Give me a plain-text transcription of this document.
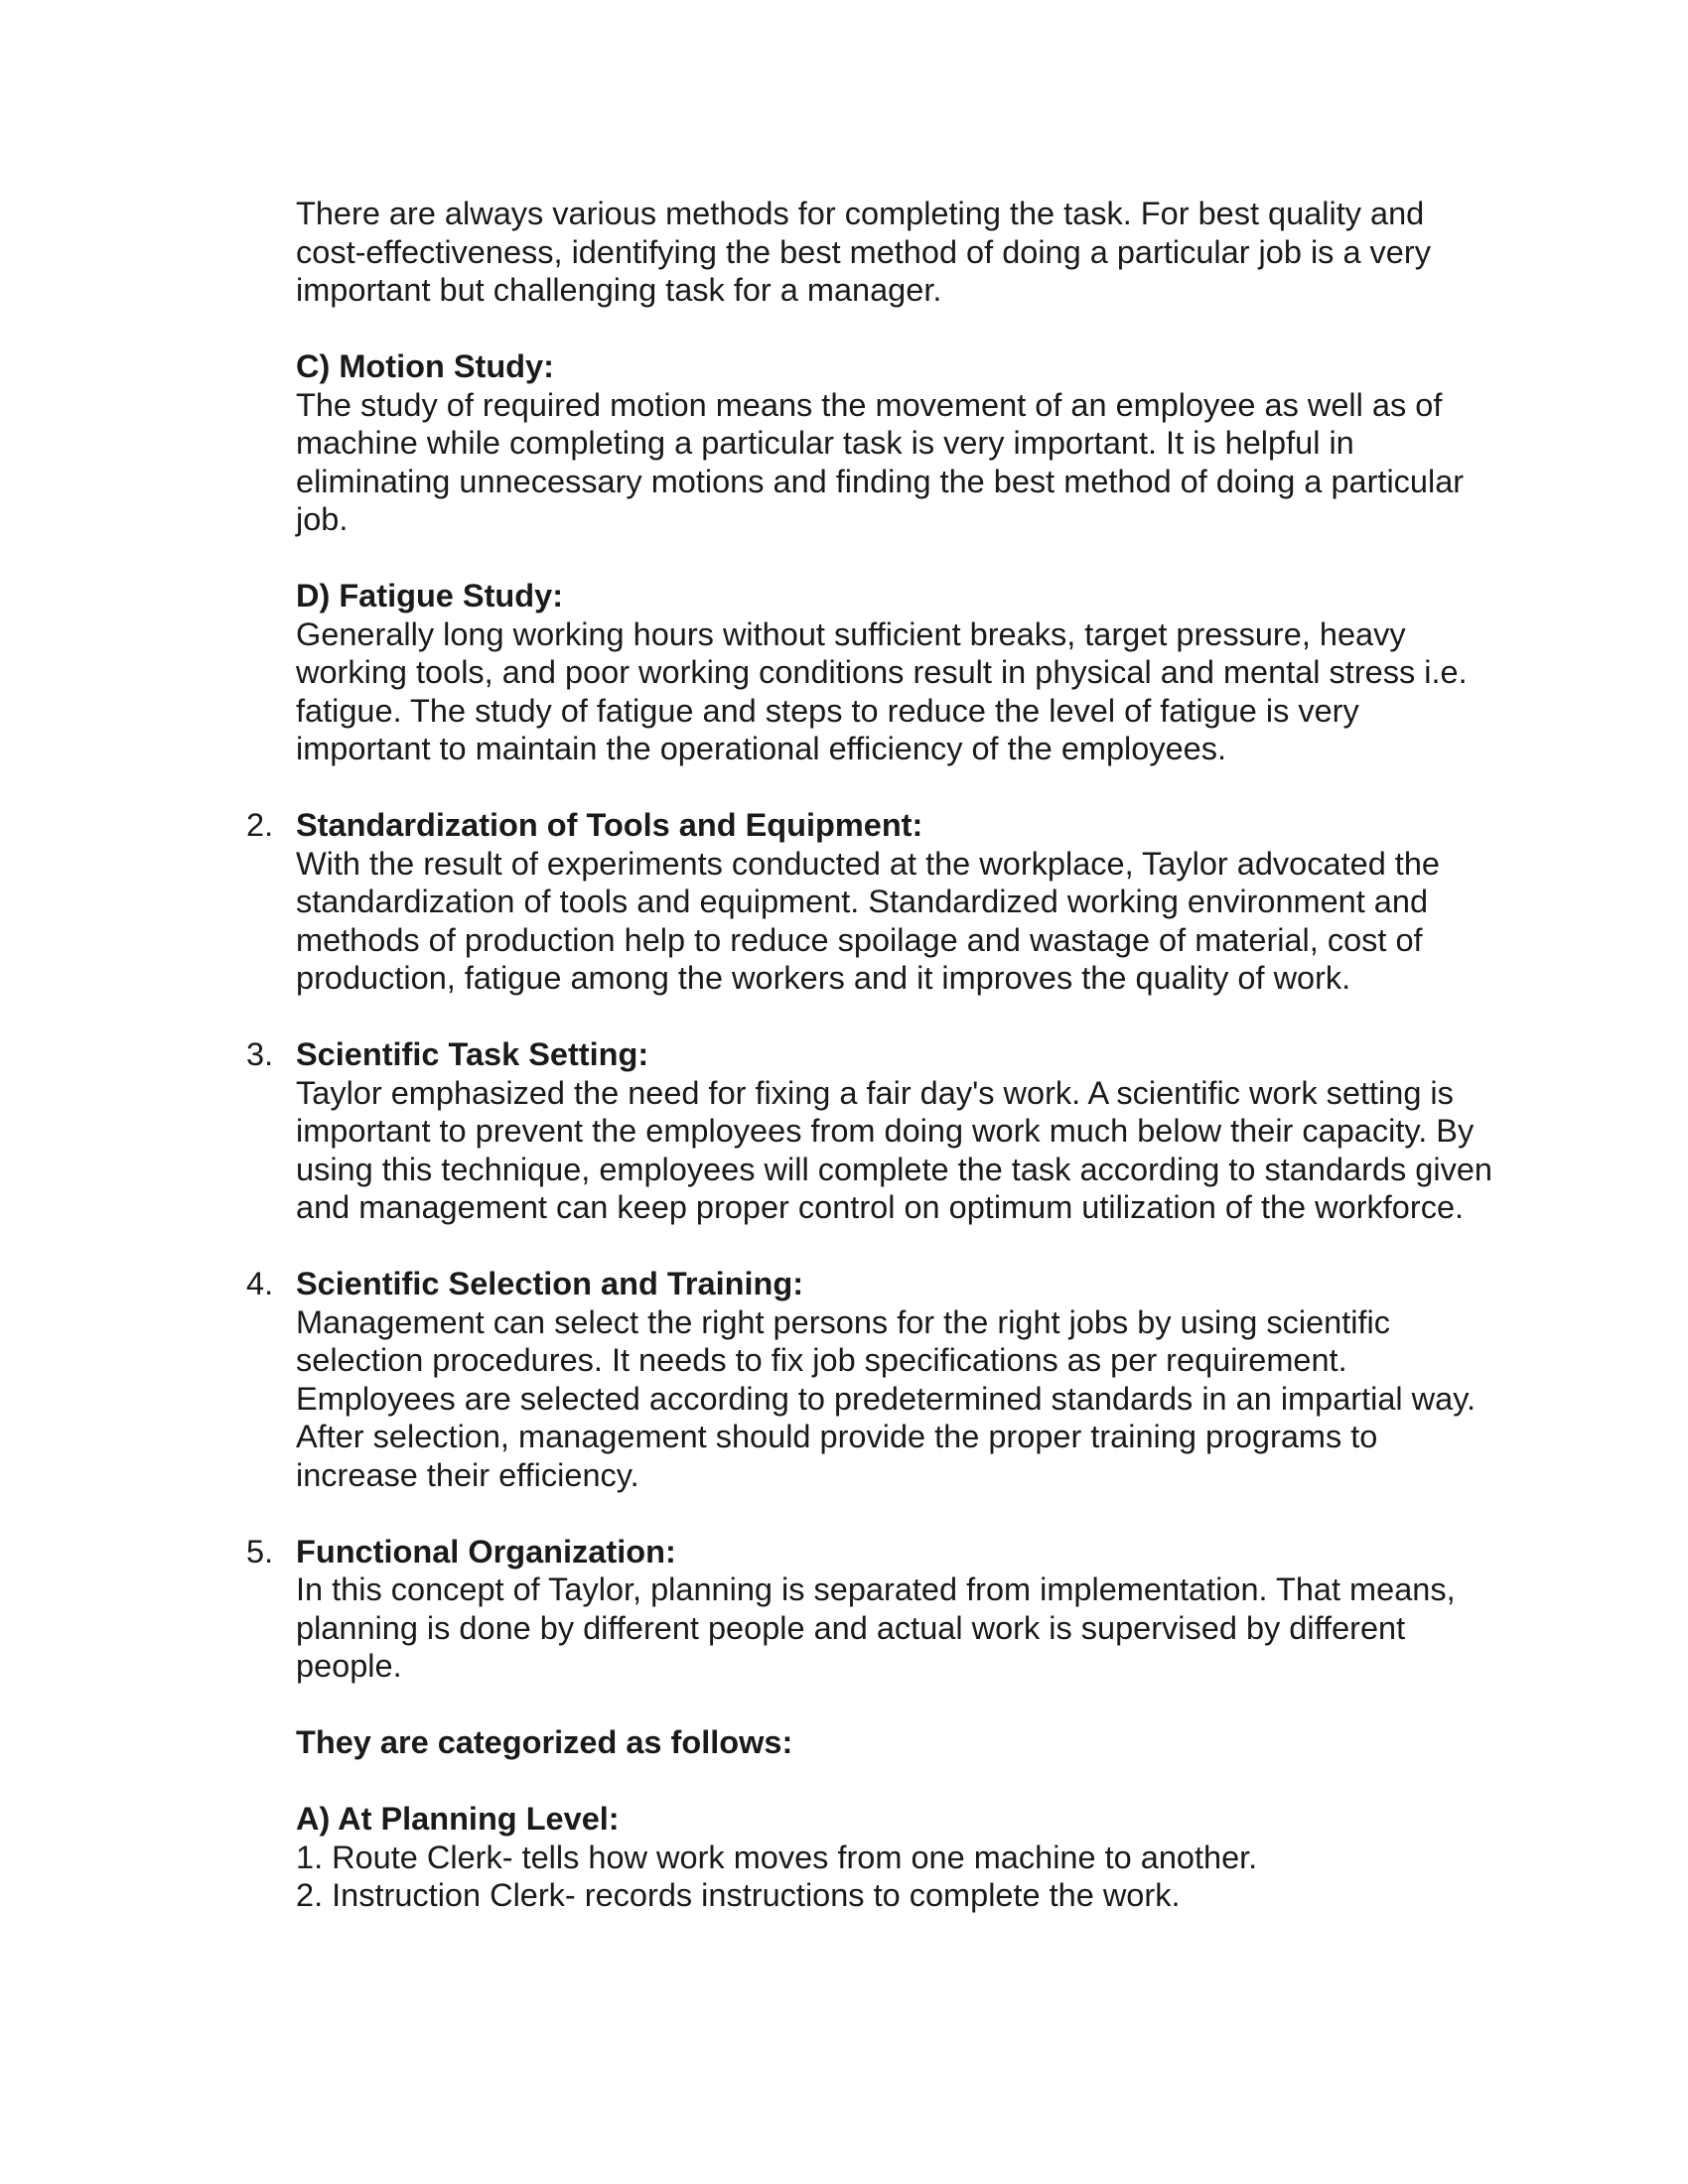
There are always various methods for completing the task. For best quality and cost-effectiveness, identifying the best method of doing a particular job is a very important but challenging task for a manager.

C) Motion Study:

The study of required motion means the movement of an employee as well as of machine while completing a particular task is very important. It is helpful in eliminating unnecessary motions and finding the best method of doing a particular job.

D) Fatigue Study:

Generally long working hours without sufficient breaks, target pressure, heavy working tools, and poor working conditions result in physical and mental stress i.e. fatigue. The study of fatigue and steps to reduce the level of fatigue is very important to maintain the operational efficiency of the employees.

2. Standardization of Tools and Equipment:

With the result of experiments conducted at the workplace, Taylor advocated the standardization of tools and equipment. Standardized working environment and methods of production help to reduce spoilage and wastage of material, cost of production, fatigue among the workers and it improves the quality of work.

3. Scientific Task Setting:

Taylor emphasized the need for fixing a fair day's work. A scientific work setting is important to prevent the employees from doing work much below their capacity. By using this technique, employees will complete the task according to standards given and management can keep proper control on optimum utilization of the workforce.

4. Scientific Selection and Training:

Management can select the right persons for the right jobs by using scientific selection procedures. It needs to fix job specifications as per requirement. Employees are selected according to predetermined standards in an impartial way. After selection, management should provide the proper training programs to increase their efficiency.

5. Functional Organization:

In this concept of Taylor, planning is separated from implementation. That means, planning is done by different people and actual work is supervised by different people.

They are categorized as follows:

A) At Planning Level:

1. Route Clerk- tells how work moves from one machine to another.

2. Instruction Clerk- records instructions to complete the work.
